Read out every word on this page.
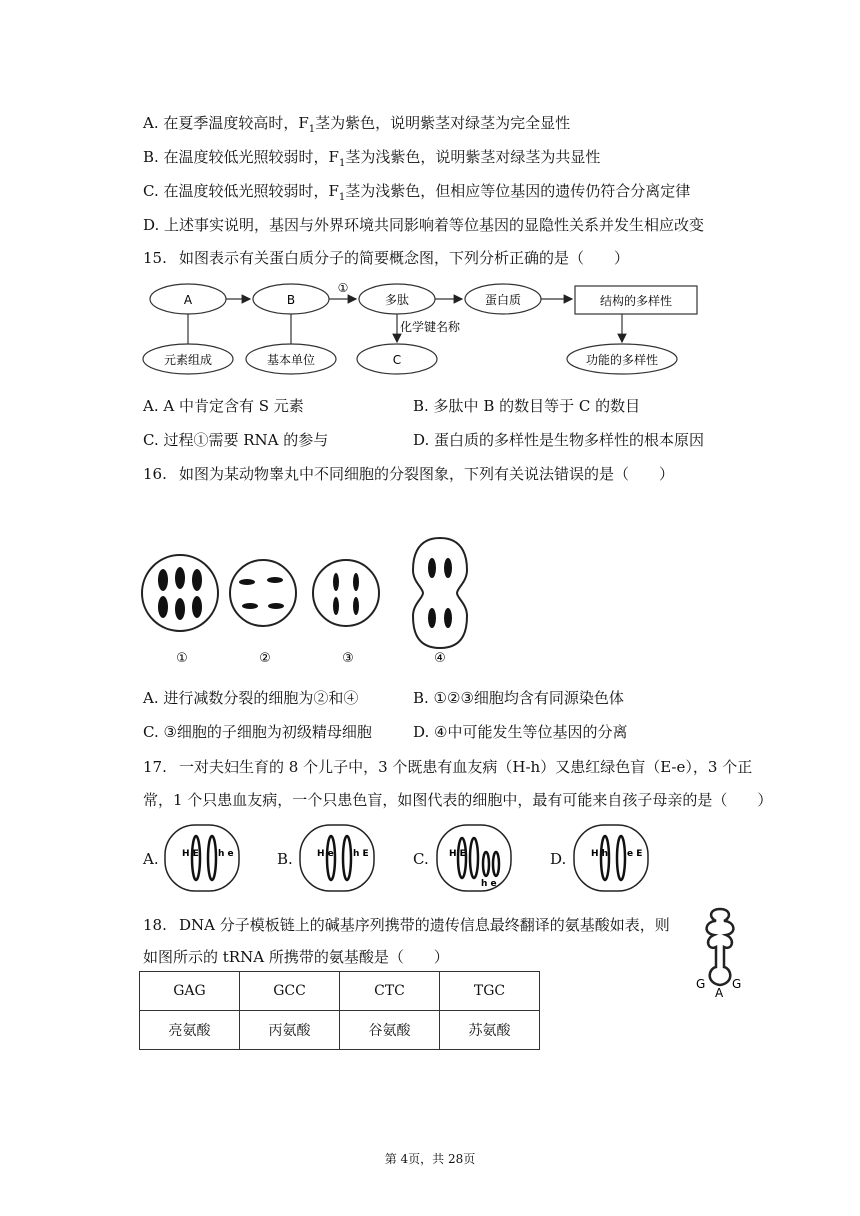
A. 在夏季温度较高时，$F_1$茎为紫色，说明紫茎对绿茎为完全显性
B. 在温度较低光照较弱时，$F_1$茎为浅紫色，说明紫茎对绿茎为共显性
C. 在温度较低光照较弱时，$F_1$茎为浅紫色，但相应等位基因的遗传仍符合分离定律
D. 上述事实说明，基因与外界环境共同影响着等位基因的显隐性关系并发生相应改变
15. 如图表示有关蛋白质分子的简要概念图，下列分析正确的是（　　）
A	B
①
多肽	蛋白质	结构的多样性
元素组成	基本单位
化学键名称
C	功能的多样性
A. A 中肯定含有 S 元素	B. 多肽中 B 的数目等于 C 的数目
C. 过程①需要 RNA 的参与	D. 蛋白质的多样性是生物多样性的根本原因
16. 如图为某动物睾丸中不同细胞的分裂图象，下列有关说法错误的是（　　）
①	②	③	④
A. 进行减数分裂的细胞为②和④	B. ①②③细胞均含有同源染色体
C. ③细胞的子细胞为初级精母细胞	D. ④中可能发生等位基因的分离
17. 一对夫妇生育的 8 个儿子中，3 个既患有血友病（H-h）又患红绿色盲（E-e），3 个正
常，1 个只患血友病，一个只患色盲，如图代表的细胞中，最有可能来自孩子母亲的是（　　）
A.	B.	C.	D.
H E h e	H e h E	H E
h e
H h e E
18. DNA 分子模板链上的碱基序列携带的遗传信息最终翻译的氨基酸如表，则
如图所示的 tRNA 所携带的氨基酸是（　　）
G
A
G
GAG	GCC	CTC	TGC
亮氨酸	丙氨酸	谷氨酸	苏氨酸
第 4页，共 28页
